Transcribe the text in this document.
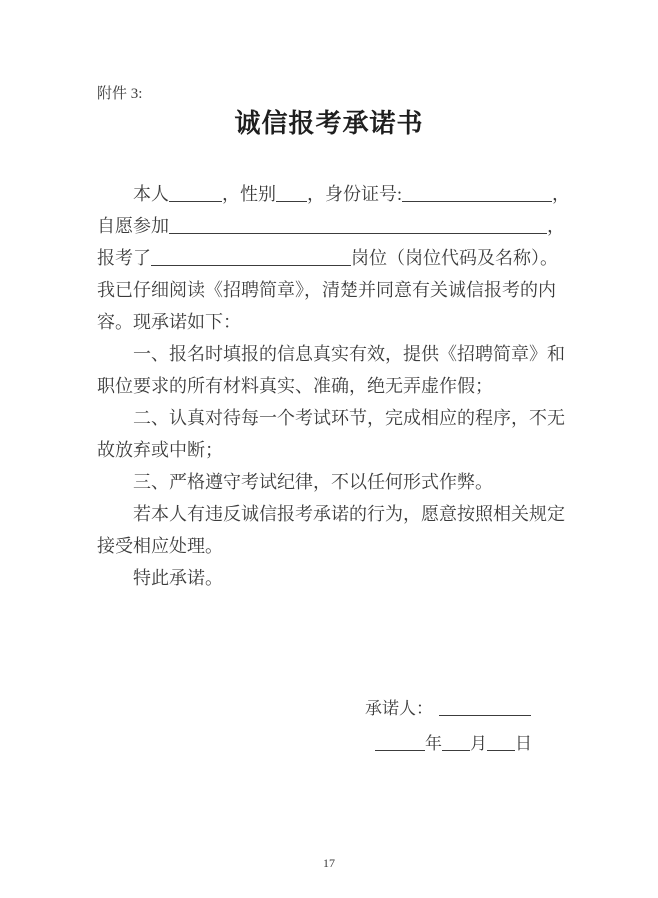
附件 3:
诚信报考承诺书
本人	，性别 ，身份证号:	，
自愿参加	，
报考了	岗位（岗位代码及名称）。
我已仔细阅读《招聘简章》，清楚并同意有关诚信报考的内
容。现承诺如下：
一、报名时填报的信息真实有效，提供《招聘简章》和
职位要求的所有材料真实、准确，绝无弄虚作假；
二、认真对待每一个考试环节，完成相应的程序，不无
故放弃或中断；
三、严格遵守考试纪律，不以任何形式作弊。
若本人有违反诚信报考承诺的行为，愿意按照相关规定
接受相应处理。
特此承诺。
承诺人：
年 月 日
17
